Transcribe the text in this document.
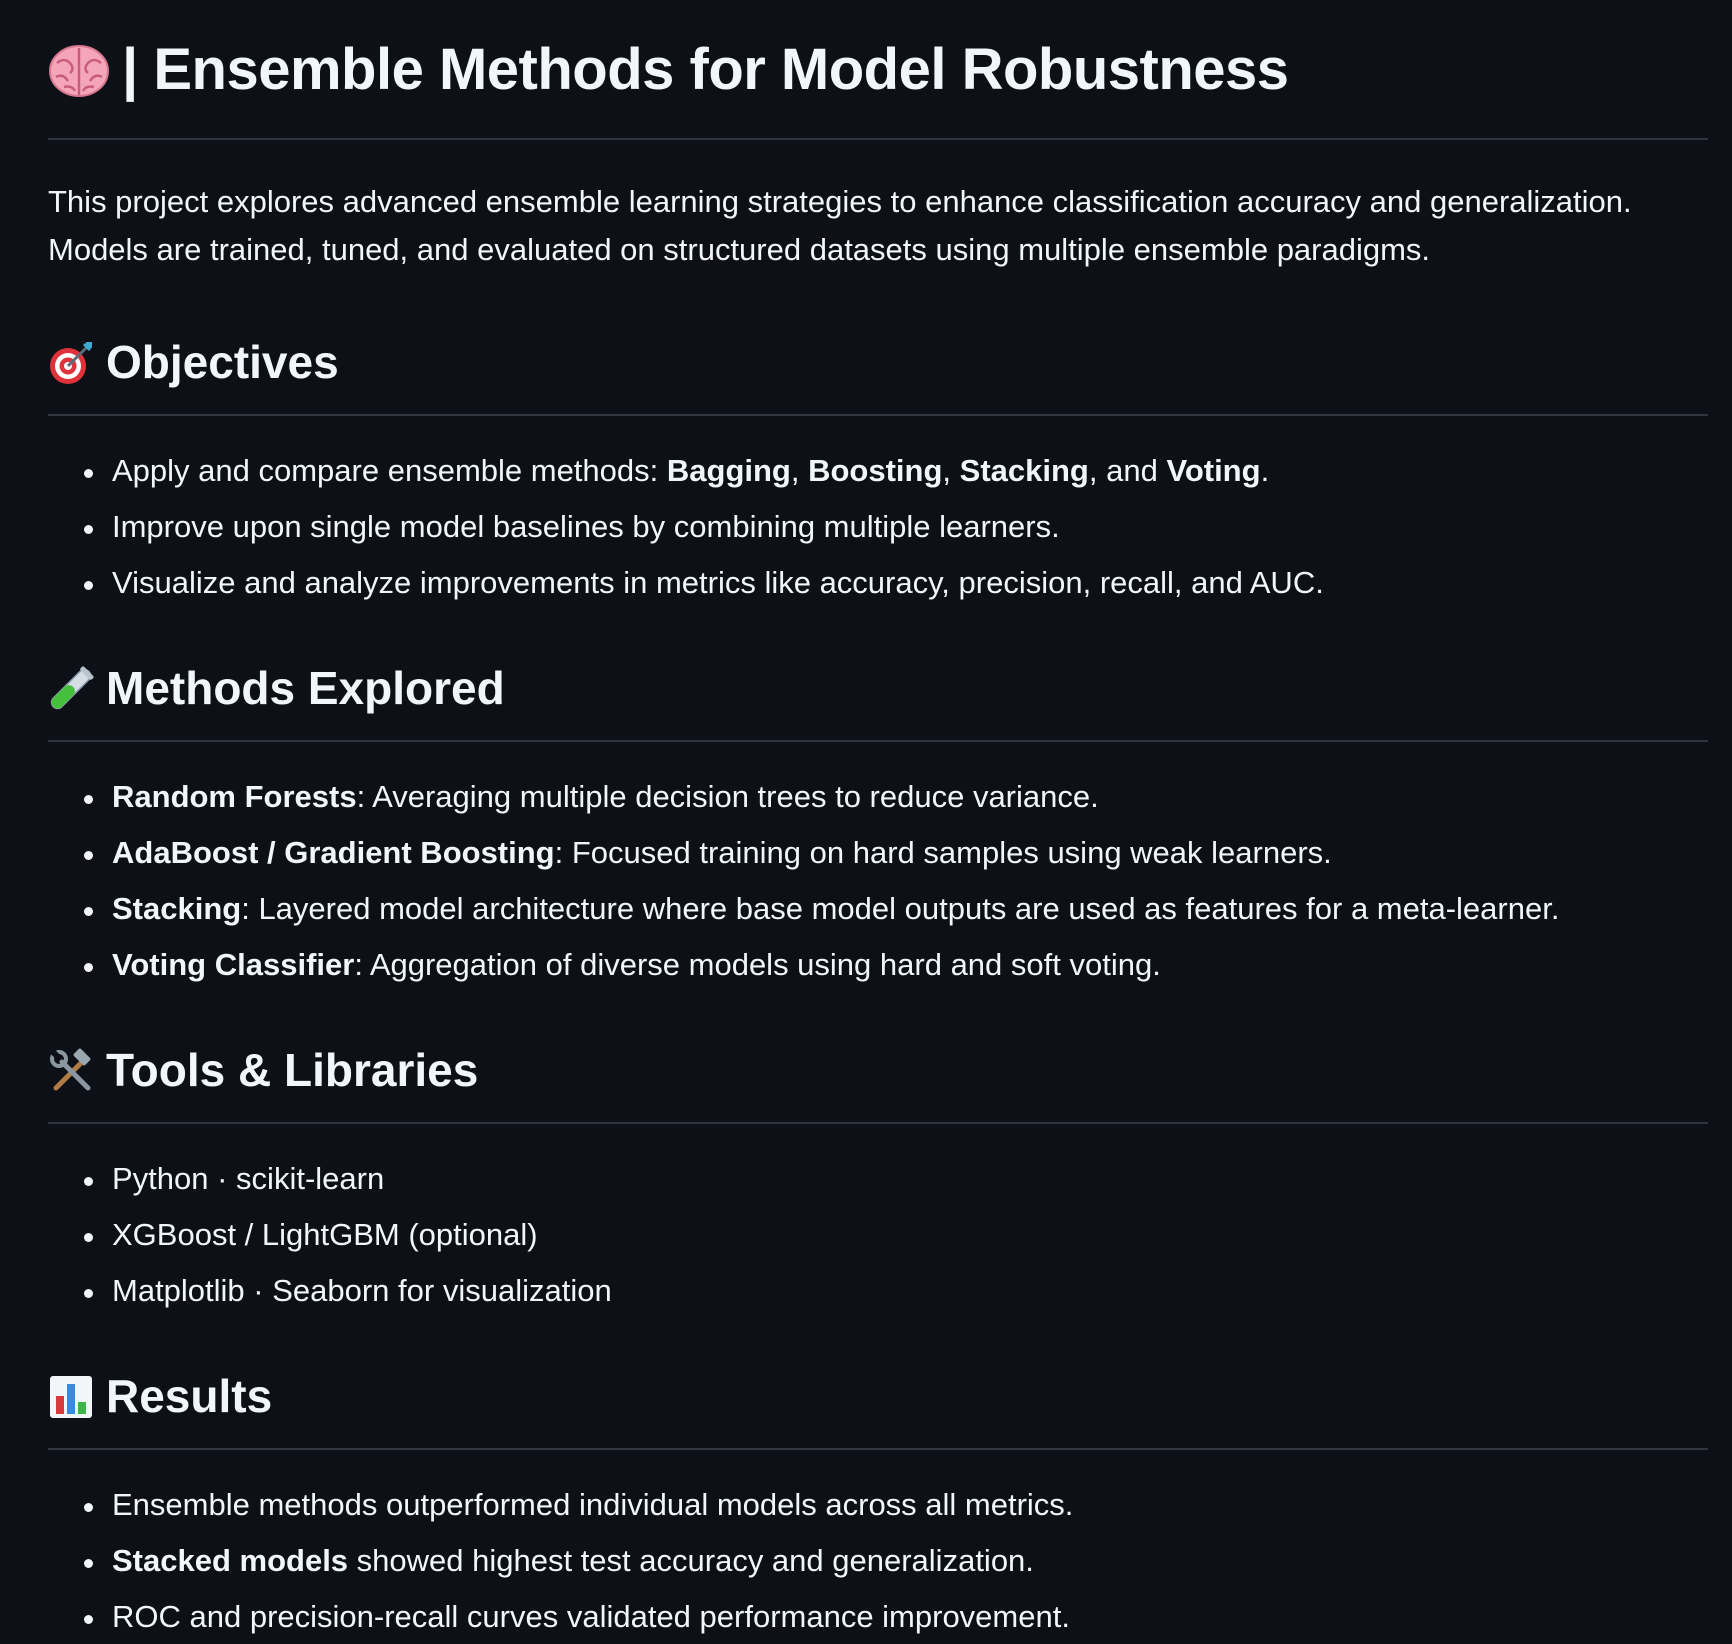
| Ensemble Methods for Model Robustness

This project explores advanced ensemble learning strategies to enhance classification accuracy and generalization. Models are trained, tuned, and evaluated on structured datasets using multiple ensemble paradigms.

Objectives
Apply and compare ensemble methods: Bagging, Boosting, Stacking, and Voting.
Improve upon single model baselines by combining multiple learners.
Visualize and analyze improvements in metrics like accuracy, precision, recall, and AUC.
Methods Explored
Random Forests: Averaging multiple decision trees to reduce variance.
AdaBoost / Gradient Boosting: Focused training on hard samples using weak learners.
Stacking: Layered model architecture where base model outputs are used as features for a meta-learner.
Voting Classifier: Aggregation of diverse models using hard and soft voting.
Tools & Libraries
Python · scikit-learn
XGBoost / LightGBM (optional)
Matplotlib · Seaborn for visualization
Results
Ensemble methods outperformed individual models across all metrics.
Stacked models showed highest test accuracy and generalization.
ROC and precision-recall curves validated performance improvement.
